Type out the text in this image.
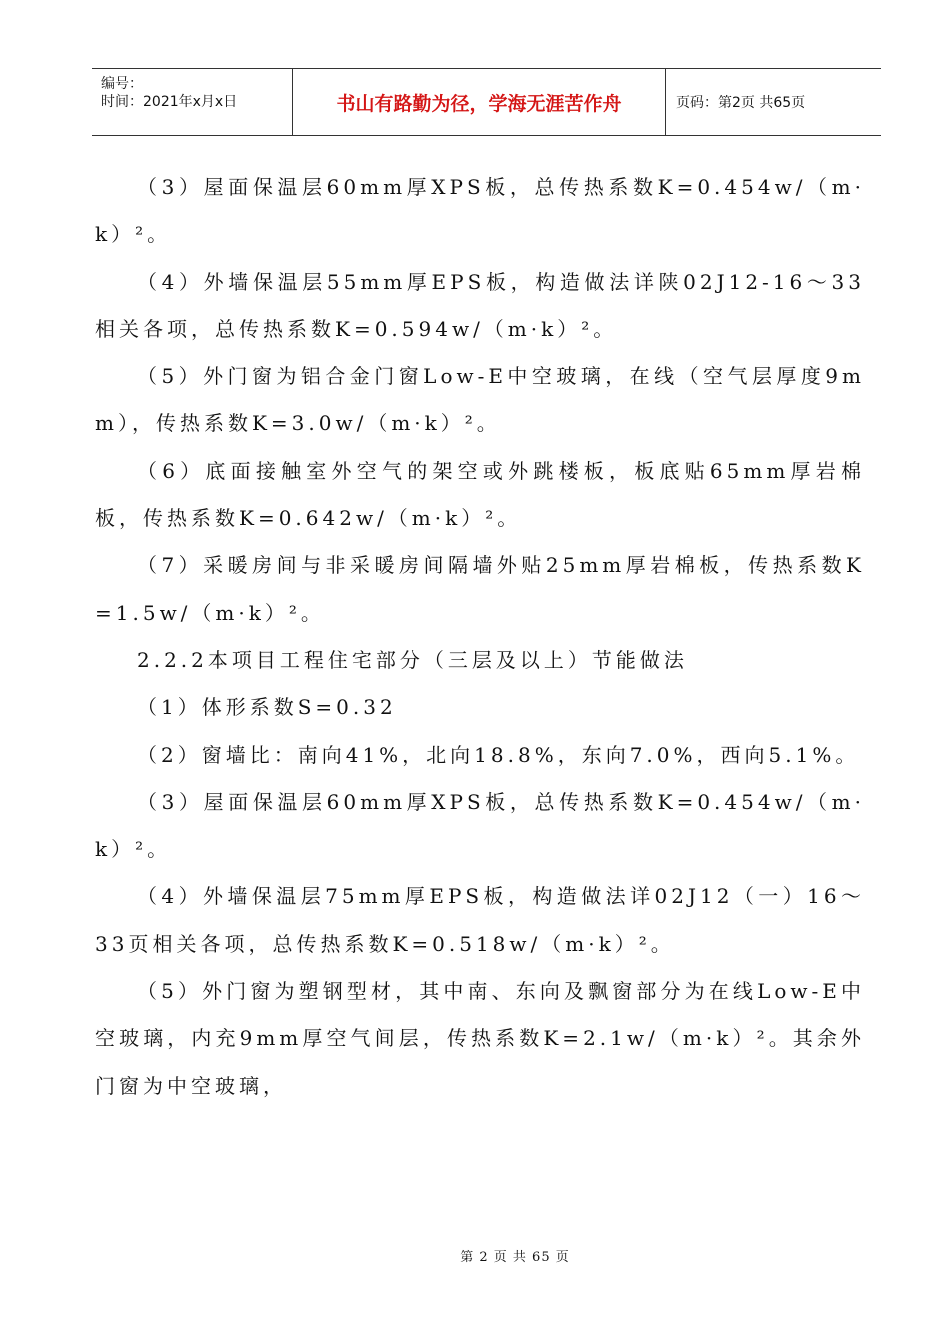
编号：
时间：2021年x月x日	书山有路勤为径，学海无涯苦作舟	页码：第2页 共65页

（3）屋面保温层60mm厚XPS板，总传热系数K=0.454w/（m·k）²。

（4）外墙保温层55mm厚EPS板，构造做法详陕02J12-16～33相关各项，总传热系数K=0.594w/（m·k）²。

（5）外门窗为铝合金门窗Low-E中空玻璃，在线（空气层厚度9mm），传热系数K=3.0w/（m·k）²。

（6）底面接触室外空气的架空或外跳楼板，板底贴65mm厚岩棉板，传热系数K=0.642w/（m·k）²。

（7）采暖房间与非采暖房间隔墙外贴25mm厚岩棉板，传热系数K=1.5w/（m·k）²。

2.2.2本项目工程住宅部分（三层及以上）节能做法

（1）体形系数S=0.32

（2）窗墙比：南向41%，北向18.8%，东向7.0%，西向5.1%。

（3）屋面保温层60mm厚XPS板，总传热系数K=0.454w/（m·k）²。

（4）外墙保温层75mm厚EPS板，构造做法详02J12（一）16～33页相关各项，总传热系数K=0.518w/（m·k）²。

（5）外门窗为塑钢型材，其中南、东向及飘窗部分为在线Low-E中空玻璃，内充9mm厚空气间层，传热系数K=2.1w/（m·k）²。其余外门窗为中空玻璃，

第 2 页 共 65 页
